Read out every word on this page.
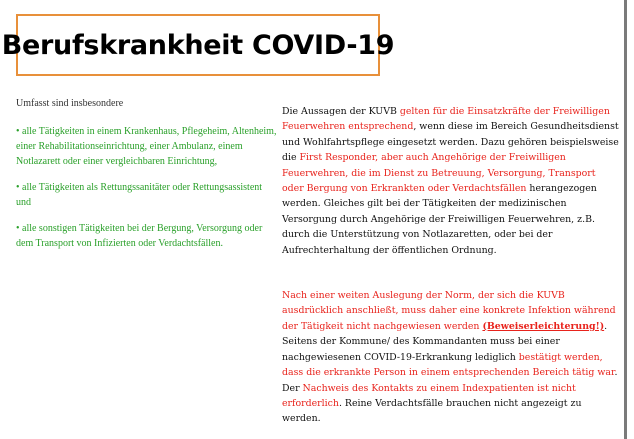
Berufskrankheit COVID-19

Umfasst sind insbesondere

• alle Tätigkeiten in einem Krankenhaus, Pflegeheim, Altenheim, einer Rehabilitationseinrichtung, einer Ambulanz, einem Notlazarett oder einer vergleichbaren Einrichtung,

• alle Tätigkeiten als Rettungssanitäter oder Rettungsassistent und

• alle sonstigen Tätigkeiten bei der Bergung, Versorgung oder dem Transport von Infizierten oder Verdachtsfällen.

Die Aussagen der KUVB gelten für die Einsatzkräfte der Freiwilligen Feuerwehren entsprechend, wenn diese im Bereich Gesundheitsdienst und Wohlfahrtspflege eingesetzt werden. Dazu gehören beispielsweise die First Responder, aber auch Angehörige der Freiwilligen Feuerwehren, die im Dienst zu Betreuung, Versorgung, Transport oder Bergung von Erkrankten oder Verdachtsfällen herangezogen werden. Gleiches gilt bei der Tätigkeiten der medizinischen Versorgung durch Angehörige der Freiwilligen Feuerwehren, z.B. durch die Unterstützung von Notlazaretten, oder bei der Aufrechterhaltung der öffentlichen Ordnung.

Nach einer weiten Auslegung der Norm, der sich die KUVB ausdrücklich anschließt, muss daher eine konkrete Infektion während der Tätigkeit nicht nachgewiesen werden (Beweiserleichterung!). Seitens der Kommune/ des Kommandanten muss bei einer nachgewiesenen COVID-19-Erkrankung lediglich bestätigt werden, dass die erkrankte Person in einem entsprechenden Bereich tätig war. Der Nachweis des Kontakts zu einem Indexpatienten ist nicht erforderlich. Reine Verdachtsfälle brauchen nicht angezeigt zu werden.
